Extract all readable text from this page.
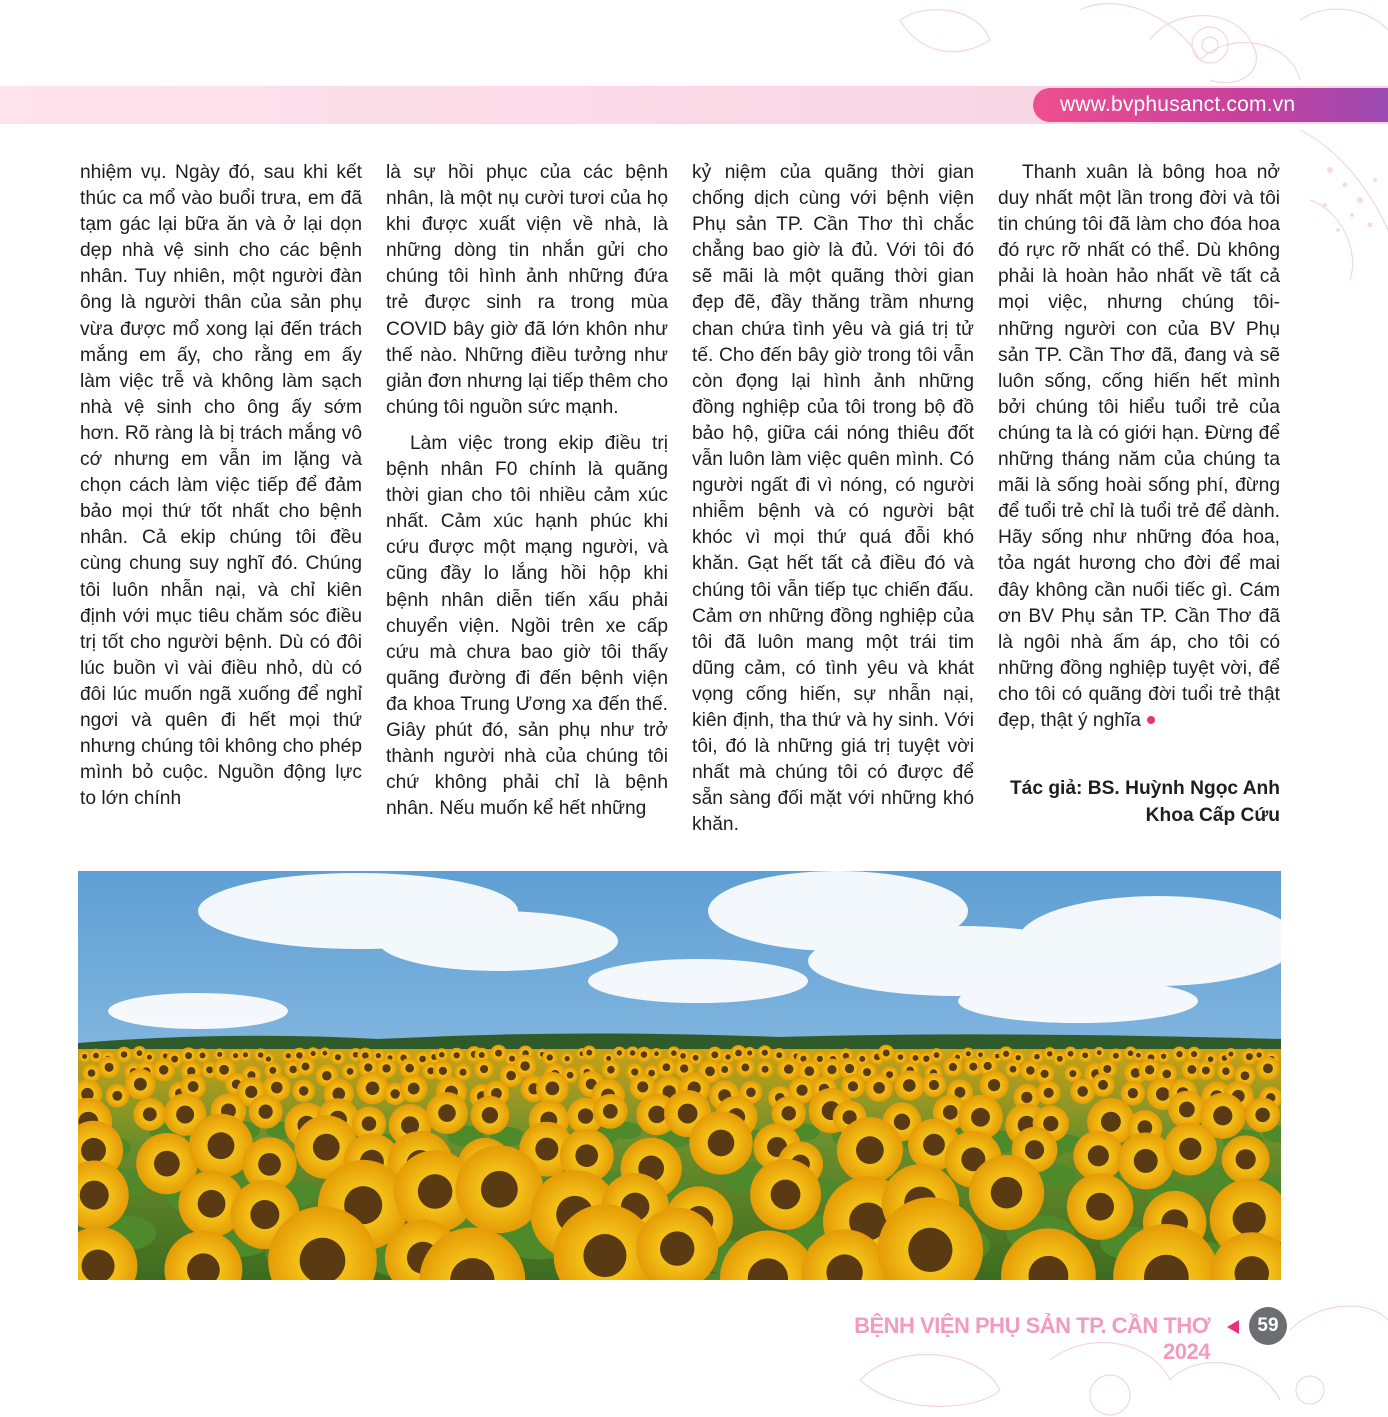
www.bvphusanct.com.vn

nhiệm vụ. Ngày đó, sau khi kết thúc ca mổ vào buổi trưa, em đã tạm gác lại bữa ăn và ở lại dọn dẹp nhà vệ sinh cho các bệnh nhân. Tuy nhiên, một người đàn ông là người thân của sản phụ vừa được mổ xong lại đến trách mắng em ấy, cho rằng em ấy làm việc trễ và không làm sạch nhà vệ sinh cho ông ấy sớm hơn. Rõ ràng là bị trách mắng vô cớ nhưng em vẫn im lặng và chọn cách làm việc tiếp để đảm bảo mọi thứ tốt nhất cho bệnh nhân. Cả ekip chúng tôi đều cùng chung suy nghĩ đó. Chúng tôi luôn nhẫn nại, và chỉ kiên định với mục tiêu chăm sóc điều trị tốt cho người bệnh. Dù có đôi lúc buồn vì vài điều nhỏ, dù có đôi lúc muốn ngã xuống để nghỉ ngơi và quên đi hết mọi thứ nhưng chúng tôi không cho phép mình bỏ cuộc. Nguồn động lực to lớn chính

là sự hồi phục của các bệnh nhân, là một nụ cười tươi của họ khi được xuất viện về nhà, là những dòng tin nhắn gửi cho chúng tôi hình ảnh những đứa trẻ được sinh ra trong mùa COVID bây giờ đã lớn khôn như thế nào. Những điều tưởng như giản đơn nhưng lại tiếp thêm cho chúng tôi nguồn sức mạnh.

Làm việc trong ekip điều trị bệnh nhân F0 chính là quãng thời gian cho tôi nhiều cảm xúc nhất. Cảm xúc hạnh phúc khi cứu được một mạng người, và cũng đầy lo lắng hồi hộp khi bệnh nhân diễn tiến xấu phải chuyển viện. Ngồi trên xe cấp cứu mà chưa bao giờ tôi thấy quãng đường đi đến bệnh viện đa khoa Trung Ương xa đến thế. Giây phút đó, sản phụ như trở thành người nhà của chúng tôi chứ không phải chỉ là bệnh nhân. Nếu muốn kể hết những

kỷ niệm của quãng thời gian chống dịch cùng với bệnh viện Phụ sản TP. Cần Thơ thì chắc chẳng bao giờ là đủ. Với tôi đó sẽ mãi là một quãng thời gian đẹp đẽ, đầy thăng trầm nhưng chan chứa tình yêu và giá trị tử tế. Cho đến bây giờ trong tôi vẫn còn đọng lại hình ảnh những đồng nghiệp của tôi trong bộ đồ bảo hộ, giữa cái nóng thiêu đốt vẫn luôn làm việc quên mình. Có người ngất đi vì nóng, có người nhiễm bệnh và có người bật khóc vì mọi thứ quá đỗi khó khăn. Gạt hết tất cả điều đó và chúng tôi vẫn tiếp tục chiến đấu. Cảm ơn những đồng nghiệp của tôi đã luôn mang một trái tim dũng cảm, có tình yêu và khát vọng cống hiến, sự nhẫn nại, kiên định, tha thứ và hy sinh. Với tôi, đó là những giá trị tuyệt vời nhất mà chúng tôi có được để sẵn sàng đối mặt với những khó khăn.

Thanh xuân là bông hoa nở duy nhất một lần trong đời và tôi tin chúng tôi đã làm cho đóa hoa đó rực rỡ nhất có thể. Dù không phải là hoàn hảo nhất về tất cả mọi việc, nhưng chúng tôi- những người con của BV Phụ sản TP. Cần Thơ đã, đang và sẽ luôn sống, cống hiến hết mình bởi chúng tôi hiểu tuổi trẻ của chúng ta là có giới hạn. Đừng để những tháng năm của chúng ta mãi là sống hoài sống phí, đừng để tuổi trẻ chỉ là tuổi trẻ để dành. Hãy sống như những đóa hoa, tỏa ngát hương cho đời để mai đây không cần nuối tiếc gì. Cám ơn BV Phụ sản TP. Cần Thơ đã là ngôi nhà ấm áp, cho tôi có những đồng nghiệp tuyệt vời, để cho tôi có quãng đời tuổi trẻ thật đẹp, thật ý nghĩa

Tác giả: BS. Huỳnh Ngọc Anh
Khoa Cấp Cứu
BỆNH VIỆN PHỤ SẢN TP. CẦN THƠ 2024
59
